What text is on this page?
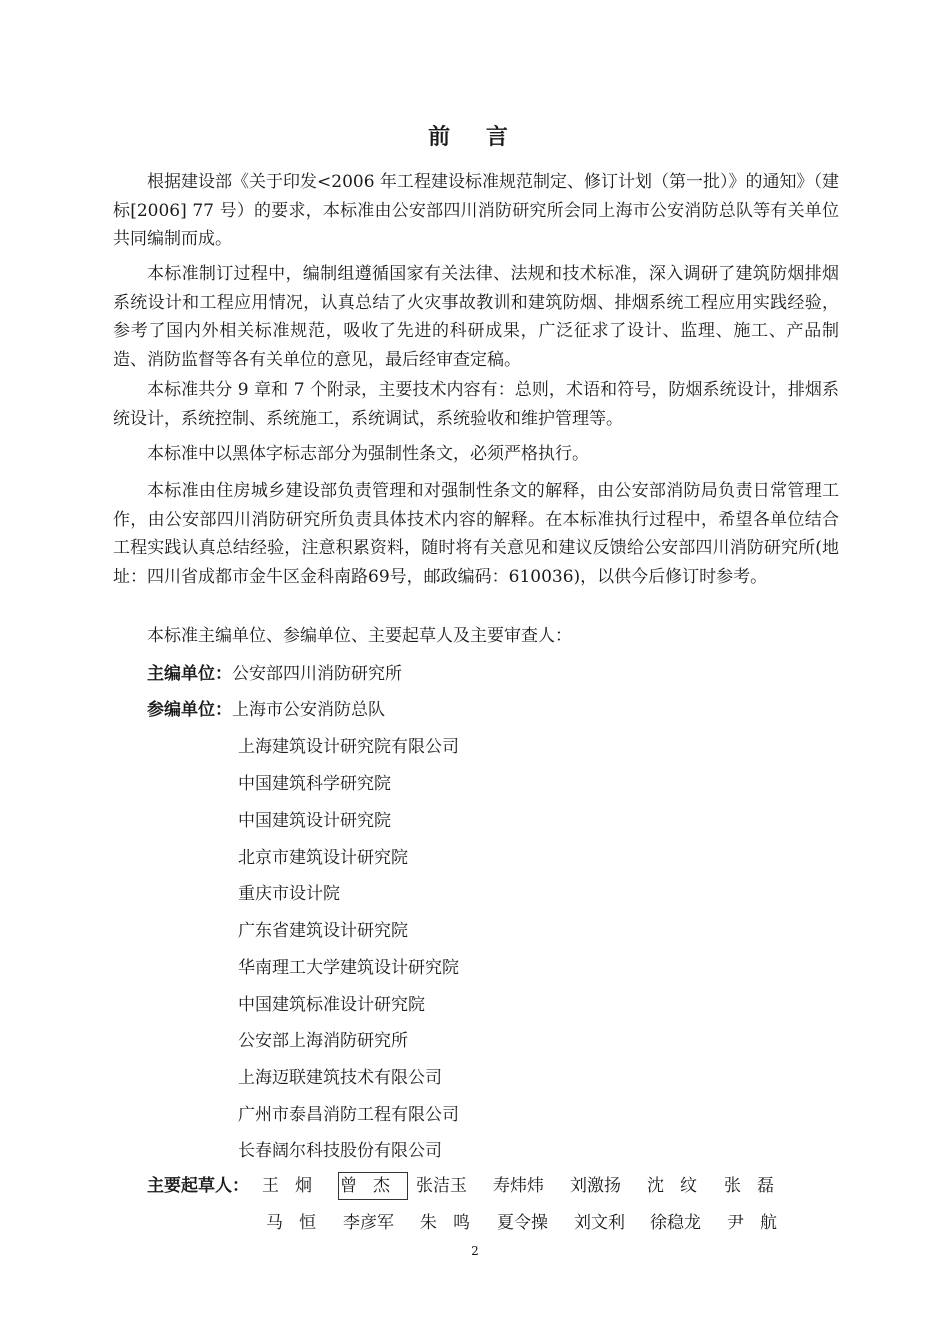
前 言

根据建设部《关于印发<2006 年工程建设标准规范制定、修订计划（第一批）》的通知》（建标[2006] 77 号）的要求，本标准由公安部四川消防研究所会同上海市公安消防总队等有关单位共同编制而成。

本标准制订过程中，编制组遵循国家有关法律、法规和技术标准，深入调研了建筑防烟排烟系统设计和工程应用情况，认真总结了火灾事故教训和建筑防烟、排烟系统工程应用实践经验，参考了国内外相关标准规范，吸收了先进的科研成果，广泛征求了设计、监理、施工、产品制造、消防监督等各有关单位的意见，最后经审查定稿。

本标准共分 9 章和 7 个附录，主要技术内容有：总则，术语和符号，防烟系统设计，排烟系统设计，系统控制、系统施工，系统调试，系统验收和维护管理等。

本标准中以黑体字标志部分为强制性条文，必须严格执行。

本标准由住房城乡建设部负责管理和对强制性条文的解释，由公安部消防局负责日常管理工作，由公安部四川消防研究所负责具体技术内容的解释。在本标准执行过程中，希望各单位结合工程实践认真总结经验，注意积累资料，随时将有关意见和建议反馈给公安部四川消防研究所(地址：四川省成都市金牛区金科南路69号，邮政编码：610036)，以供今后修订时参考。

本标准主编单位、参编单位、主要起草人及主要审查人：

主编单位：公安部四川消防研究所
参编单位：上海市公安消防总队
上海建筑设计研究院有限公司
中国建筑科学研究院
中国建筑设计研究院
北京市建筑设计研究院
重庆市设计院
广东省建筑设计研究院
华南理工大学建筑设计研究院
中国建筑标准设计研究院
公安部上海消防研究所
上海迈联建筑技术有限公司
广州市泰昌消防工程有限公司
长春阔尔科技股份有限公司
主要起草人： 王炯 曾杰 张洁玉 寿炜炜 刘激扬 沈纹 张磊
马恒 李彦军 朱鸣 夏令操 刘文利 徐稳龙 尹航
2
